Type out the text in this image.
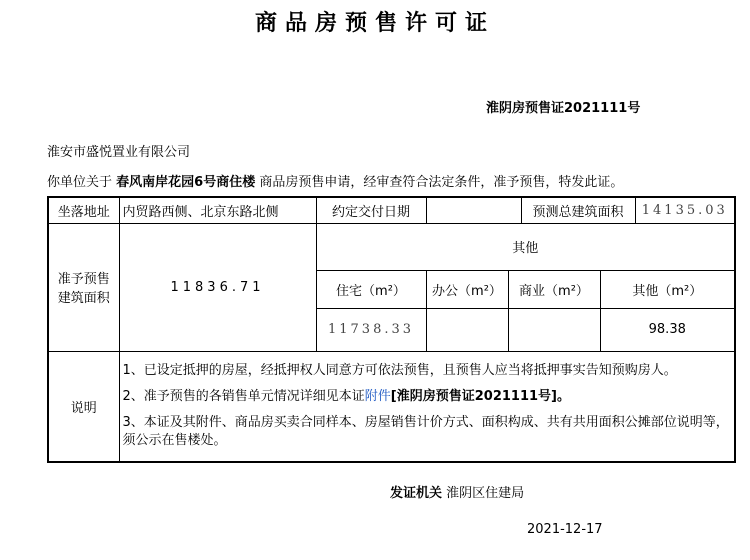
商品房预售许可证
淮阴房预售证2021111号
淮安市盛悦置业有限公司
你单位关于 春风南岸花园6号商住楼 商品房预售申请，经审查符合法定条件，准予预售，特发此证。
坐落地址	内贸路西侧、北京东路北侧	约定交付日期			预测总建筑面积		14135.03
准予预售建筑面积	11836.71	其他					
		住宅（m²）	办公（m²）	商业（m²）		其他（m²）	
		11738.33				98.38	
说明	1、已设定抵押的房屋，经抵押权人同意方可依法预售，且预售人应当将抵押事实告知预购房人。
2、准予预售的各销售单元情况详细见本证附件[淮阴房预售证2021111号]。
3、本证及其附件、商品房买卖合同样本、房屋销售计价方式、面积构成、共有共用面积公摊部位说明等，须公示在售楼处。						
发证机关 淮阴区住建局
2021-12-17
